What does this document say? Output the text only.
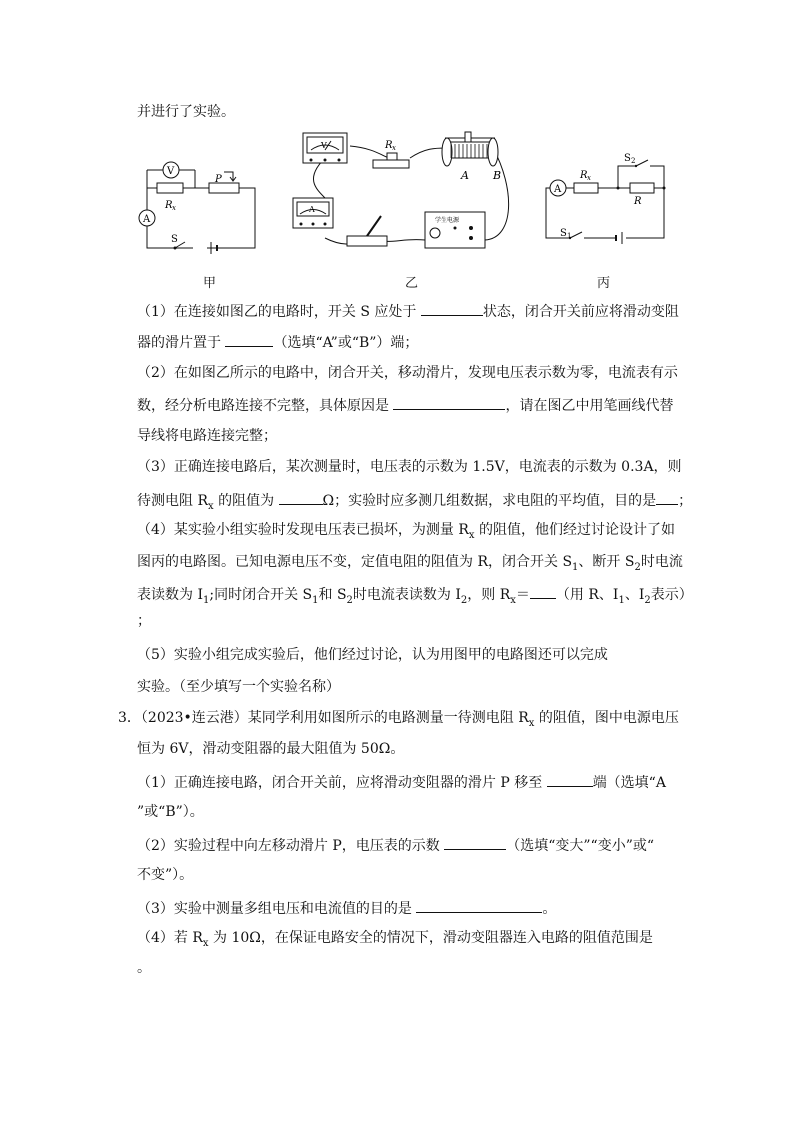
并进行了实验。
V
A
R x
P
S
V
A
R x
A B
学生电源
A
R x
R
S 2
S 1
甲	乙	丙
（1）在连接如图乙的电路时，开关 S 应处于	状态，闭合开关前应将滑动变阻
器的滑片置于	（选填“A”或“B”）端；
（2）在如图乙所示的电路中，闭合开关，移动滑片，发现电压表示数为零，电流表有示
数，经分析电路连接不完整，具体原因是	，请在图乙中用笔画线代替
导线将电路连接完整；
（3）正确连接电路后，某次测量时，电压表的示数为 1.5V，电流表的示数为 0.3A，则
待测电阻 $R_x$ 的阻值为	Ω；实验时应多测几组数据，求电阻的平均值，目的是 ；
（4）某实验小组实验时发现电压表已损坏，为测量 $R_x$ 的阻值，他们经过讨论设计了如
图丙的电路图。已知电源电压不变，定值电阻的阻值为 R，闭合开关 $S_1$、断开 $S_2$时电流
表读数为 $I_1$;同时闭合开关 $S_1$和 $S_2$时电流表读数为 $I_2$，则 $R_x=$ （用 R、$I_1$、$I_2$表示）
；
（5）实验小组完成实验后，他们经过讨论，认为用图甲的电路图还可以完成
实验。（至少填写一个实验名称）
3．（2023•连云港）某同学利用如图所示的电路测量一待测电阻 $R_x$ 的阻值，图中电源电压
恒为 6V，滑动变阻器的最大阻值为 50Ω。
（1）正确连接电路，闭合开关前，应将滑动变阻器的滑片 P 移至	端（选填“A
”或“B”）。
（2）实验过程中向左移动滑片 P，电压表的示数	（选填“变大”“变小”或“
不变”）。
（3）实验中测量多组电压和电流值的目的是	。
（4）若 $R_x$ 为 10Ω，在保证电路安全的情况下，滑动变阻器连入电路的阻值范围是
。
